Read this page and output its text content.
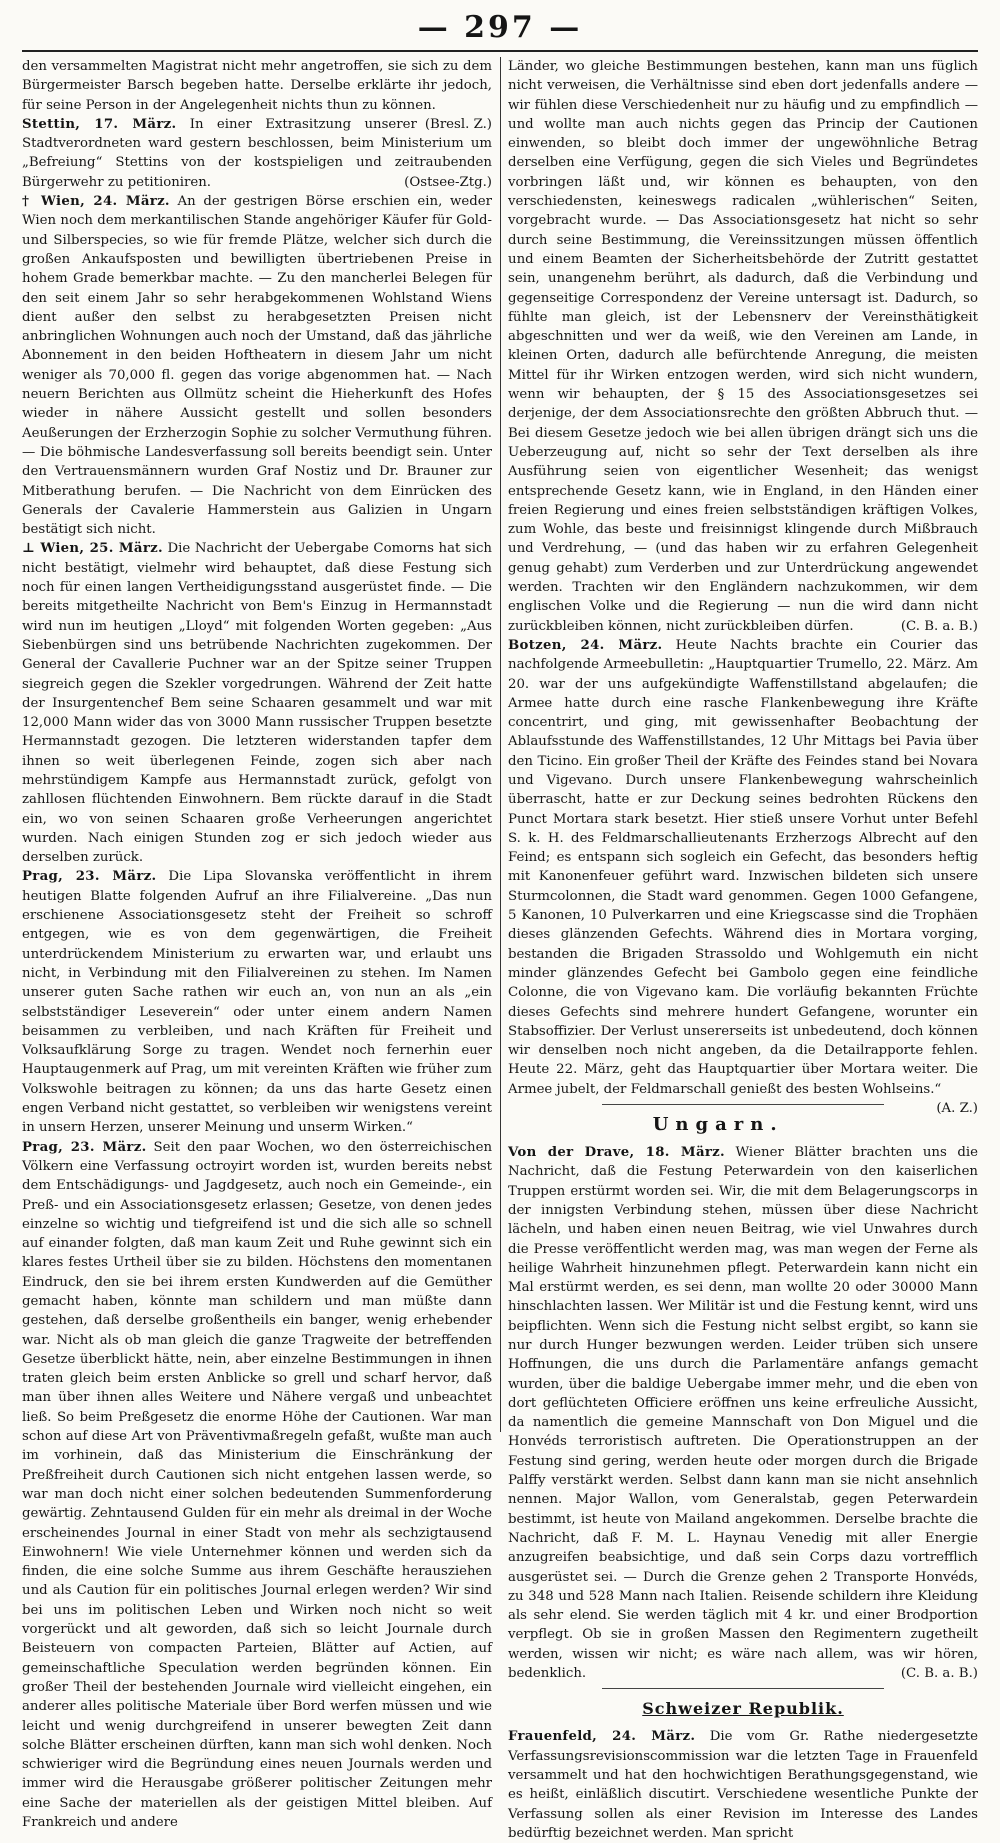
— 297 —

den versammelten Magistrat nicht mehr angetroffen, sie sich zu dem Bürgermeister Barsch begeben hatte. Derselbe erklärte ihr jedoch, für seine Person in der Angelegenheit nichts thun zu können.
(Bresl. Z.)

Stettin, 17. März. In einer Extrasitzung unserer Stadtverordneten ward gestern beschlossen, beim Ministerium um „Befreiung“ Stettins von der kostspieligen und zeitraubenden Bürgerwehr zu petitioniren.	(Ostsee-Ztg.)

† Wien, 24. März. An der gestrigen Börse erschien ein, weder Wien noch dem merkantilischen Stande angehöriger Käufer für Gold- und Silberspecies, so wie für fremde Plätze, welcher sich durch die großen Ankaufsposten und bewilligten übertriebenen Preise in hohem Grade bemerkbar machte. — Zu den mancherlei Belegen für den seit einem Jahr so sehr herabgekommenen Wohlstand Wiens dient außer den selbst zu herabgesetzten Preisen nicht anbringlichen Wohnungen auch noch der Umstand, daß das jährliche Abonnement in den beiden Hoftheatern in diesem Jahr um nicht weniger als 70,000 fl. gegen das vorige abgenommen hat. — Nach neuern Berichten aus Ollmütz scheint die Hieherkunft des Hofes wieder in nähere Aussicht gestellt und sollen besonders Aeußerungen der Erzherzogin Sophie zu solcher Vermuthung führen. — Die böhmische Landesverfassung soll bereits beendigt sein. Unter den Vertrauensmännern wurden Graf Nostiz und Dr. Brauner zur Mitberathung berufen. — Die Nachricht von dem Einrücken des Generals der Cavalerie Hammerstein aus Galizien in Ungarn bestätigt sich nicht.

⊥ Wien, 25. März. Die Nachricht der Uebergabe Comorns hat sich nicht bestätigt, vielmehr wird behauptet, daß diese Festung sich noch für einen langen Vertheidigungsstand ausgerüstet finde. — Die bereits mitgetheilte Nachricht von Bem's Einzug in Hermannstadt wird nun im heutigen „Lloyd“ mit folgenden Worten gegeben: „Aus Siebenbürgen sind uns betrübende Nachrichten zugekommen. Der General der Cavallerie Puchner war an der Spitze seiner Truppen siegreich gegen die Szekler vorgedrungen. Während der Zeit hatte der Insurgentenchef Bem seine Schaaren gesammelt und war mit 12,000 Mann wider das von 3000 Mann russischer Truppen besetzte Hermannstadt gezogen. Die letzteren widerstanden tapfer dem ihnen so weit überlegenen Feinde, zogen sich aber nach mehrstündigem Kampfe aus Hermannstadt zurück, gefolgt von zahllosen flüchtenden Einwohnern. Bem rückte darauf in die Stadt ein, wo von seinen Schaaren große Verheerungen angerichtet wurden. Nach einigen Stunden zog er sich jedoch wieder aus derselben zurück.

Prag, 23. März. Die Lipa Slovanska veröffentlicht in ihrem heutigen Blatte folgenden Aufruf an ihre Filialvereine. „Das nun erschienene Associationsgesetz steht der Freiheit so schroff entgegen, wie es von dem gegenwärtigen, die Freiheit unterdrückendem Ministerium zu erwarten war, und erlaubt uns nicht, in Verbindung mit den Filialvereinen zu stehen. Im Namen unserer guten Sache rathen wir euch an, von nun an als „ein selbstständiger Leseverein“ oder unter einem andern Namen beisammen zu verbleiben, und nach Kräften für Freiheit und Volksaufklärung Sorge zu tragen. Wendet noch fernerhin euer Hauptaugenmerk auf Prag, um mit vereinten Kräften wie früher zum Volkswohle beitragen zu können; da uns das harte Gesetz einen engen Verband nicht gestattet, so verbleiben wir wenigstens vereint in unsern Herzen, unserer Meinung und unserm Wirken.“

Prag, 23. März. Seit den paar Wochen, wo den österreichischen Völkern eine Verfassung octroyirt worden ist, wurden bereits nebst dem Entschädigungs- und Jagdgesetz, auch noch ein Gemeinde-, ein Preß- und ein Associationsgesetz erlassen; Gesetze, von denen jedes einzelne so wichtig und tiefgreifend ist und die sich alle so schnell auf einander folgten, daß man kaum Zeit und Ruhe gewinnt sich ein klares festes Urtheil über sie zu bilden. Höchstens den momentanen Eindruck, den sie bei ihrem ersten Kundwerden auf die Gemüther gemacht haben, könnte man schildern und man müßte dann gestehen, daß derselbe großentheils ein banger, wenig erhebender war. Nicht als ob man gleich die ganze Tragweite der betreffenden Gesetze überblickt hätte, nein, aber einzelne Bestimmungen in ihnen traten gleich beim ersten Anblicke so grell und scharf hervor, daß man über ihnen alles Weitere und Nähere vergaß und unbeachtet ließ. So beim Preßgesetz die enorme Höhe der Cautionen. War man schon auf diese Art von Präventivmaßregeln gefaßt, wußte man auch im vorhinein, daß das Ministerium die Einschränkung der Preßfreiheit durch Cautionen sich nicht entgehen lassen werde, so war man doch nicht einer solchen bedeutenden Summenforderung gewärtig. Zehntausend Gulden für ein mehr als dreimal in der Woche erscheinendes Journal in einer Stadt von mehr als sechzigtausend Einwohnern! Wie viele Unternehmer können und werden sich da finden, die eine solche Summe aus ihrem Geschäfte herausziehen und als Caution für ein politisches Journal erlegen werden? Wir sind bei uns im politischen Leben und Wirken noch nicht so weit vorgerückt und alt geworden, daß sich so leicht Journale durch Beisteuern von compacten Parteien, Blätter auf Actien, auf gemeinschaftliche Speculation werden begründen können. Ein großer Theil der bestehenden Journale wird vielleicht eingehen, ein anderer alles politische Materiale über Bord werfen müssen und wie leicht und wenig durchgreifend in unserer bewegten Zeit dann solche Blätter erscheinen dürften, kann man sich wohl denken. Noch schwieriger wird die Begründung eines neuen Journals werden und immer wird die Herausgabe größerer politischer Zeitungen mehr eine Sache der materiellen als der geistigen Mittel bleiben. Auf Frankreich und andere

Länder, wo gleiche Bestimmungen bestehen, kann man uns füglich nicht verweisen, die Verhältnisse sind eben dort jedenfalls andere — wir fühlen diese Verschiedenheit nur zu häufig und zu empfindlich — und wollte man auch nichts gegen das Princip der Cautionen einwenden, so bleibt doch immer der ungewöhnliche Betrag derselben eine Verfügung, gegen die sich Vieles und Begründetes vorbringen läßt und, wir können es behaupten, von den verschiedensten, keineswegs radicalen „wühlerischen“ Seiten, vorgebracht wurde. — Das Associationsgesetz hat nicht so sehr durch seine Bestimmung, die Vereinssitzungen müssen öffentlich und einem Beamten der Sicherheitsbehörde der Zutritt gestattet sein, unangenehm berührt, als dadurch, daß die Verbindung und gegenseitige Correspondenz der Vereine untersagt ist. Dadurch, so fühlte man gleich, ist der Lebensnerv der Vereinsthätigkeit abgeschnitten und wer da weiß, wie den Vereinen am Lande, in kleinen Orten, dadurch alle befürchtende Anregung, die meisten Mittel für ihr Wirken entzogen werden, wird sich nicht wundern, wenn wir behaupten, der § 15 des Associationsgesetzes sei derjenige, der dem Associationsrechte den größten Abbruch thut. — Bei diesem Gesetze jedoch wie bei allen übrigen drängt sich uns die Ueberzeugung auf, nicht so sehr der Text derselben als ihre Ausführung seien von eigentlicher Wesenheit; das wenigst entsprechende Gesetz kann, wie in England, in den Händen einer freien Regierung und eines freien selbstständigen kräftigen Volkes, zum Wohle, das beste und freisinnigst klingende durch Mißbrauch und Verdrehung, — (und das haben wir zu erfahren Gelegenheit genug gehabt) zum Verderben und zur Unterdrückung angewendet werden. Trachten wir den Engländern nachzukommen, wir dem englischen Volke und die Regierung — nun die wird dann nicht zurückbleiben können, nicht zurückbleiben dürfen.	(C. B. a. B.)

Botzen, 24. März. Heute Nachts brachte ein Courier das nachfolgende Armeebulletin: „Hauptquartier Trumello, 22. März. Am 20. war der uns aufgekündigte Waffenstillstand abgelaufen; die Armee hatte durch eine rasche Flankenbewegung ihre Kräfte concentrirt, und ging, mit gewissenhafter Beobachtung der Ablaufsstunde des Waffenstillstandes, 12 Uhr Mittags bei Pavia über den Ticino. Ein großer Theil der Kräfte des Feindes stand bei Novara und Vigevano. Durch unsere Flankenbewegung wahrscheinlich überrascht, hatte er zur Deckung seines bedrohten Rückens den Punct Mortara stark besetzt. Hier stieß unsere Vorhut unter Befehl S. k. H. des Feldmarschallieutenants Erzherzogs Albrecht auf den Feind; es entspann sich sogleich ein Gefecht, das besonders heftig mit Kanonenfeuer geführt ward. Inzwischen bildeten sich unsere Sturmcolonnen, die Stadt ward genommen. Gegen 1000 Gefangene, 5 Kanonen, 10 Pulverkarren und eine Kriegscasse sind die Trophäen dieses glänzenden Gefechts. Während dies in Mortara vorging, bestanden die Brigaden Strassoldo und Wohlgemuth ein nicht minder glänzendes Gefecht bei Gambolo gegen eine feindliche Colonne, die von Vigevano kam. Die vorläufig bekannten Früchte dieses Gefechts sind mehrere hundert Gefangene, worunter ein Stabsoffizier. Der Verlust unsererseits ist unbedeutend, doch können wir denselben noch nicht angeben, da die Detailrapporte fehlen. Heute 22. März, geht das Hauptquartier über Mortara weiter. Die Armee jubelt, der Feldmarschall genießt des besten Wohlseins.“
(A. Z.)

Ungarn.

Von der Drave, 18. März. Wiener Blätter brachten uns die Nachricht, daß die Festung Peterwardein von den kaiserlichen Truppen erstürmt worden sei. Wir, die mit dem Belagerungscorps in der innigsten Verbindung stehen, müssen über diese Nachricht lächeln, und haben einen neuen Beitrag, wie viel Unwahres durch die Presse veröffentlicht werden mag, was man wegen der Ferne als heilige Wahrheit hinzunehmen pflegt. Peterwardein kann nicht ein Mal erstürmt werden, es sei denn, man wollte 20 oder 30000 Mann hinschlachten lassen. Wer Militär ist und die Festung kennt, wird uns beipflichten. Wenn sich die Festung nicht selbst ergibt, so kann sie nur durch Hunger bezwungen werden. Leider trüben sich unsere Hoffnungen, die uns durch die Parlamentäre anfangs gemacht wurden, über die baldige Uebergabe immer mehr, und die eben von dort geflüchteten Officiere eröffnen uns keine erfreuliche Aussicht, da namentlich die gemeine Mannschaft von Don Miguel und die Honvéds terroristisch auftreten. Die Operationstruppen an der Festung sind gering, werden heute oder morgen durch die Brigade Palffy verstärkt werden. Selbst dann kann man sie nicht ansehnlich nennen. Major Wallon, vom Generalstab, gegen Peterwardein bestimmt, ist heute von Mailand angekommen. Derselbe brachte die Nachricht, daß F. M. L. Haynau Venedig mit aller Energie anzugreifen beabsichtige, und daß sein Corps dazu vortrefflich ausgerüstet sei. — Durch die Grenze gehen 2 Transporte Honvéds, zu 348 und 528 Mann nach Italien. Reisende schildern ihre Kleidung als sehr elend. Sie werden täglich mit 4 kr. und einer Brodportion verpflegt. Ob sie in großen Massen den Regimentern zugetheilt werden, wissen wir nicht; es wäre nach allem, was wir hören, bedenklich.	(C. B. a. B.)

Schweizer Republik.

Frauenfeld, 24. März. Die vom Gr. Rathe niedergesetzte Verfassungsrevisionscommission war die letzten Tage in Frauenfeld versammelt und hat den hochwichtigen Berathungsgegenstand, wie es heißt, einläßlich discutirt. Verschiedene wesentliche Punkte der Verfassung sollen als einer Revision im Interesse des Landes bedürftig bezeichnet werden. Man spricht
